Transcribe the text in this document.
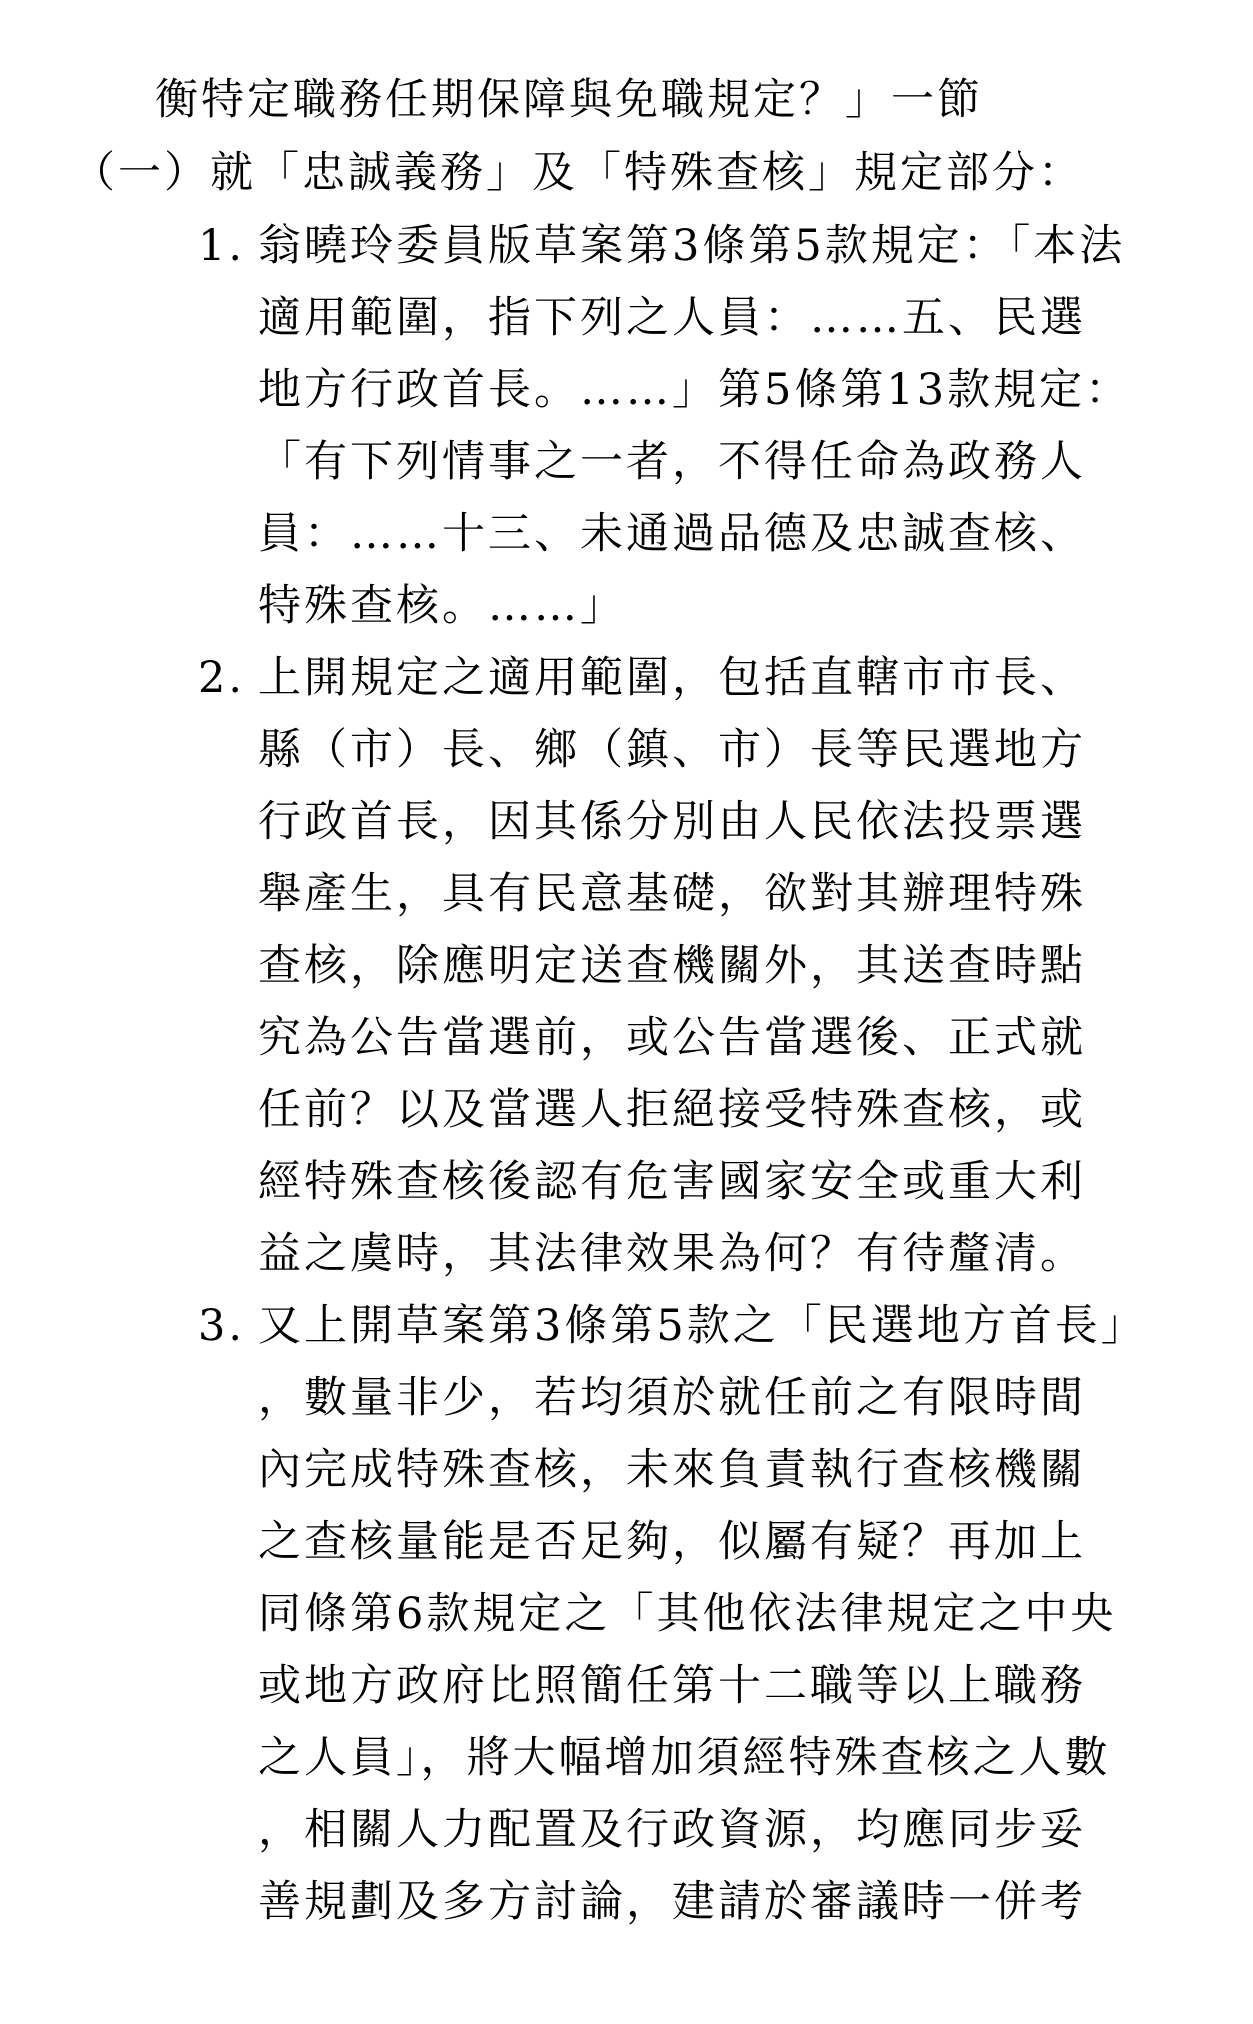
衡特定職務任期保障與免職規定？」一節
（一）就「忠誠義務」及「特殊查核」規定部分：
1. 翁曉玲委員版草案第3條第5款規定：「本法
適用範圍，指下列之人員：……五、民選
地方行政首長。……」第5條第13款規定：
「有下列情事之一者，不得任命為政務人
員：……十三、未通過品德及忠誠查核、
特殊查核。……」
2. 上開規定之適用範圍，包括直轄市市長、
縣（市）長、鄉（鎮、市）長等民選地方
行政首長，因其係分別由人民依法投票選
舉產生，具有民意基礎，欲對其辦理特殊
查核，除應明定送查機關外，其送查時點
究為公告當選前，或公告當選後、正式就
任前？以及當選人拒絕接受特殊查核，或
經特殊查核後認有危害國家安全或重大利
益之虞時，其法律效果為何？有待釐清。
3. 又上開草案第3條第5款之「民選地方首長」
，數量非少，若均須於就任前之有限時間
內完成特殊查核，未來負責執行查核機關
之查核量能是否足夠，似屬有疑？再加上
同條第6款規定之「其他依法律規定之中央
或地方政府比照簡任第十二職等以上職務
之人員」，將大幅增加須經特殊查核之人數
，相關人力配置及行政資源，均應同步妥
善規劃及多方討論，建請於審議時一併考
